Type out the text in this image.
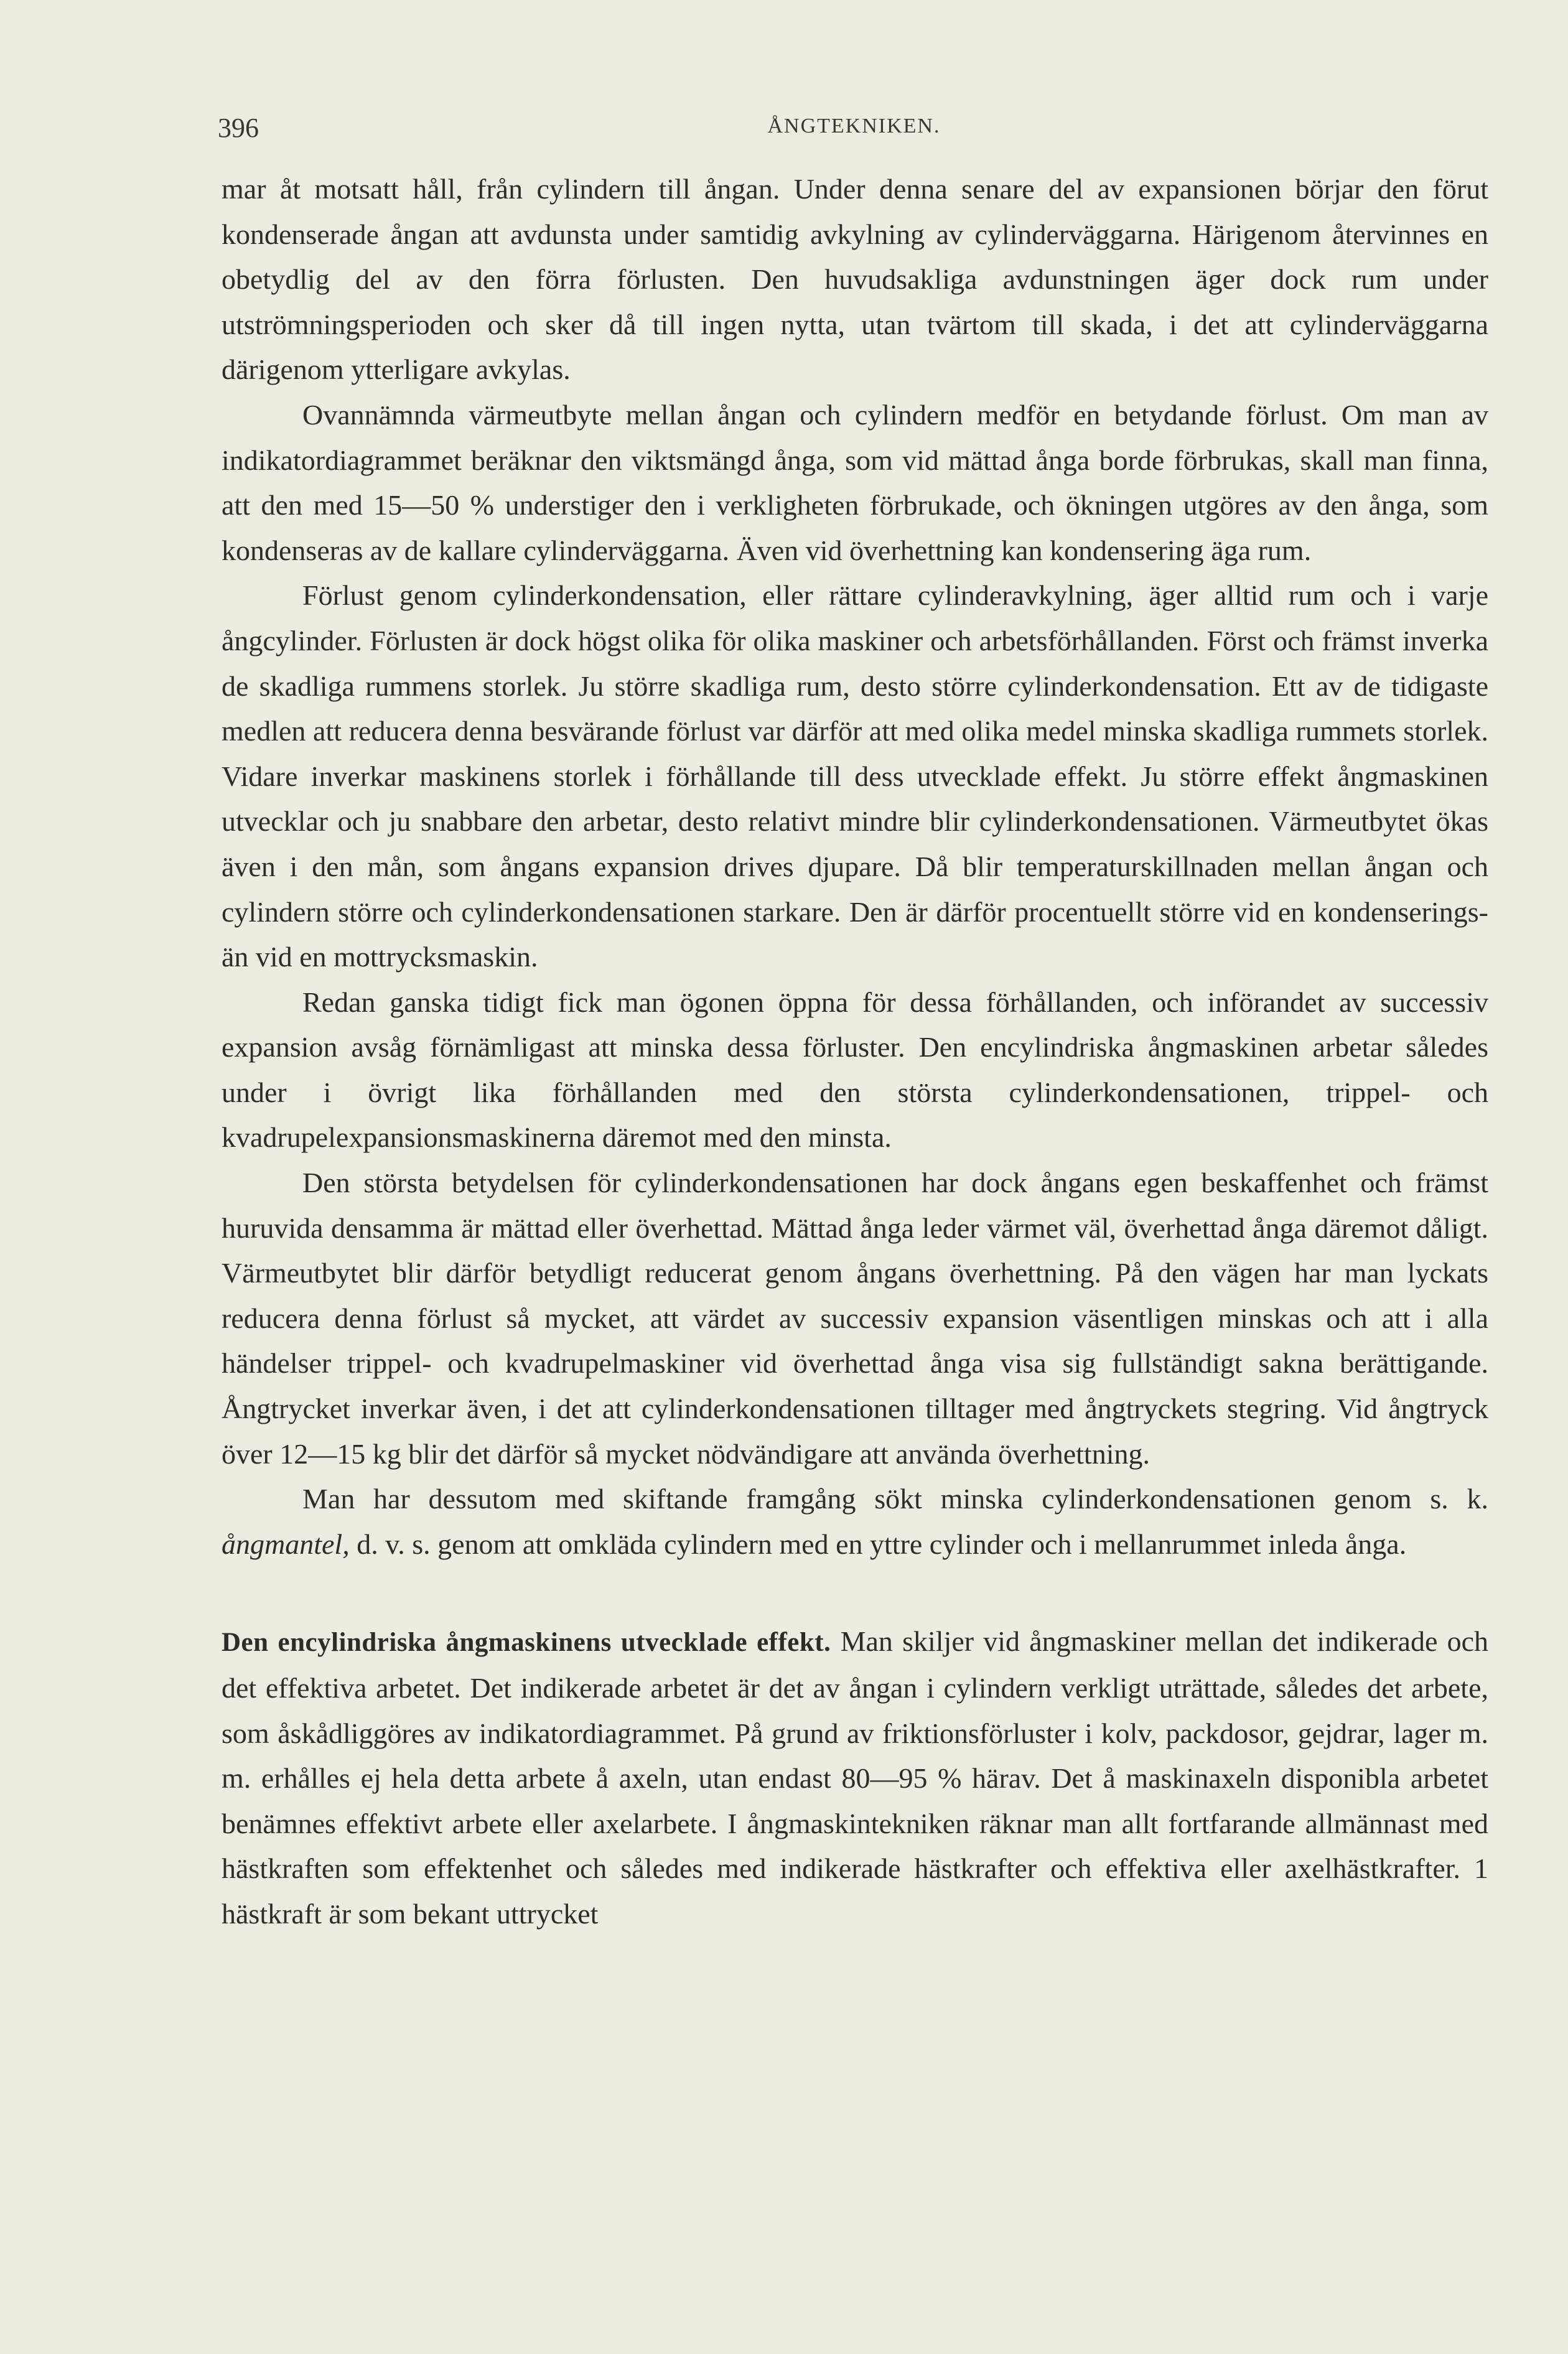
396	ÅNGTEKNIKEN.

mar åt motsatt håll, från cylindern till ångan. Under denna senare del av expansionen börjar den förut kondenserade ångan att avdunsta under samtidig avkylning av cylinderväggarna. Härigenom återvinnes en obetydlig del av den förra förlusten. Den huvudsakliga avdunstningen äger dock rum under utströmningsperioden och sker då till ingen nytta, utan tvärtom till skada, i det att cylinderväggarna därigenom ytterligare avkylas.

Ovannämnda värmeutbyte mellan ångan och cylindern medför en betydande förlust. Om man av indikatordiagrammet beräknar den viktsmängd ånga, som vid mättad ånga borde förbrukas, skall man finna, att den med 15—50 % understiger den i verkligheten förbrukade, och ökningen utgöres av den ånga, som kondenseras av de kallare cylinderväggarna. Även vid överhettning kan kondensering äga rum.

Förlust genom cylinderkondensation, eller rättare cylinderavkylning, äger alltid rum och i varje ångcylinder. Förlusten är dock högst olika för olika maskiner och arbetsförhållanden. Först och främst inverka de skadliga rummens storlek. Ju större skadliga rum, desto större cylinderkondensation. Ett av de tidigaste medlen att reducera denna besvärande förlust var därför att med olika medel minska skadliga rummets storlek. Vidare inverkar maskinens storlek i förhållande till dess utvecklade effekt. Ju större effekt ångmaskinen utvecklar och ju snabbare den arbetar, desto relativt mindre blir cylinderkondensationen. Värmeutbytet ökas även i den mån, som ångans expansion drives djupare. Då blir temperaturskillnaden mellan ångan och cylindern större och cylinderkondensationen starkare. Den är därför procentuellt större vid en kondenserings- än vid en mottrycksmaskin.

Redan ganska tidigt fick man ögonen öppna för dessa förhållanden, och införandet av successiv expansion avsåg förnämligast att minska dessa förluster. Den encylindriska ångmaskinen arbetar således under i övrigt lika förhållanden med den största cylinderkondensationen, trippel- och kvadrupelexpansionsmaskinerna däremot med den minsta.

Den största betydelsen för cylinderkondensationen har dock ångans egen beskaffenhet och främst huruvida densamma är mättad eller överhettad. Mättad ånga leder värmet väl, överhettad ånga däremot dåligt. Värmeutbytet blir därför betydligt reducerat genom ångans överhettning. På den vägen har man lyckats reducera denna förlust så mycket, att värdet av successiv expansion väsentligen minskas och att i alla händelser trippel- och kvadrupelmaskiner vid överhettad ånga visa sig fullständigt sakna berättigande. Ångtrycket inverkar även, i det att cylinderkondensationen tilltager med ångtryckets stegring. Vid ångtryck över 12—15 kg blir det därför så mycket nödvändigare att använda överhettning.

Man har dessutom med skiftande framgång sökt minska cylinderkondensationen genom s. k. ångmantel, d. v. s. genom att omkläda cylindern med en yttre cylinder och i mellanrummet inleda ånga.

Den encylindriska ångmaskinens utvecklade effekt. Man skiljer vid ångmaskiner mellan det indikerade och det effektiva arbetet. Det indikerade arbetet är det av ångan i cylindern verkligt uträttade, således det arbete, som åskådliggöres av indikatordiagrammet. På grund av friktionsförluster i kolv, packdosor, gejdrar, lager m. m. erhålles ej hela detta arbete å axeln, utan endast 80—95 % härav. Det å maskinaxeln disponibla arbetet benämnes effektivt arbete eller axelarbete. I ångmaskintekniken räknar man allt fortfarande allmännast med hästkraften som effektenhet och således med indikerade hästkrafter och effektiva eller axelhästkrafter. 1 hästkraft är som bekant uttrycket
